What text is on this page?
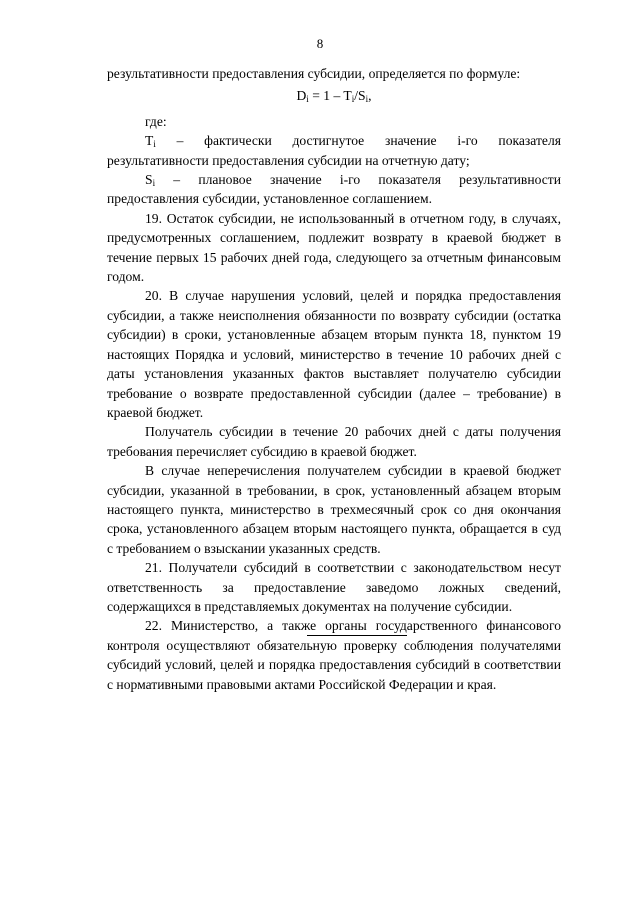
8

результативности предоставления субсидии, определяется по формуле:

$D_i = 1 - T_i/S_i$,

где:

$T_i$ – фактически достигнутое значение i-го показателя результативности предоставления субсидии на отчетную дату;

$S_i$ – плановое значение i-го показателя результативности предоставления субсидии, установленное соглашением.

19. Остаток субсидии, не использованный в отчетном году, в случаях, предусмотренных соглашением, подлежит возврату в краевой бюджет в течение первых 15 рабочих дней года, следующего за отчетным финансовым годом.

20. В случае нарушения условий, целей и порядка предоставления субсидии, а также неисполнения обязанности по возврату субсидии (остатка субсидии) в сроки, установленные абзацем вторым пункта 18, пунктом 19 настоящих Порядка и условий, министерство в течение 10 рабочих дней с даты установления указанных фактов выставляет получателю субсидии требование о возврате предоставленной субсидии (далее – требование) в краевой бюджет.

Получатель субсидии в течение 20 рабочих дней с даты получения требования перечисляет субсидию в краевой бюджет.

В случае неперечисления получателем субсидии в краевой бюджет субсидии, указанной в требовании, в срок, установленный абзацем вторым настоящего пункта, министерство в трехмесячный срок со дня окончания срока, установленного абзацем вторым настоящего пункта, обращается в суд с требованием о взыскании указанных средств.

21. Получатели субсидий в соответствии с законодательством несут ответственность за предоставление заведомо ложных сведений, содержащихся в представляемых документах на получение субсидии.

22. Министерство, а также органы государственного финансового контроля осуществляют обязательную проверку соблюдения получателями субсидий условий, целей и порядка предоставления субсидий в соответствии с нормативными правовыми актами Российской Федерации и края.
